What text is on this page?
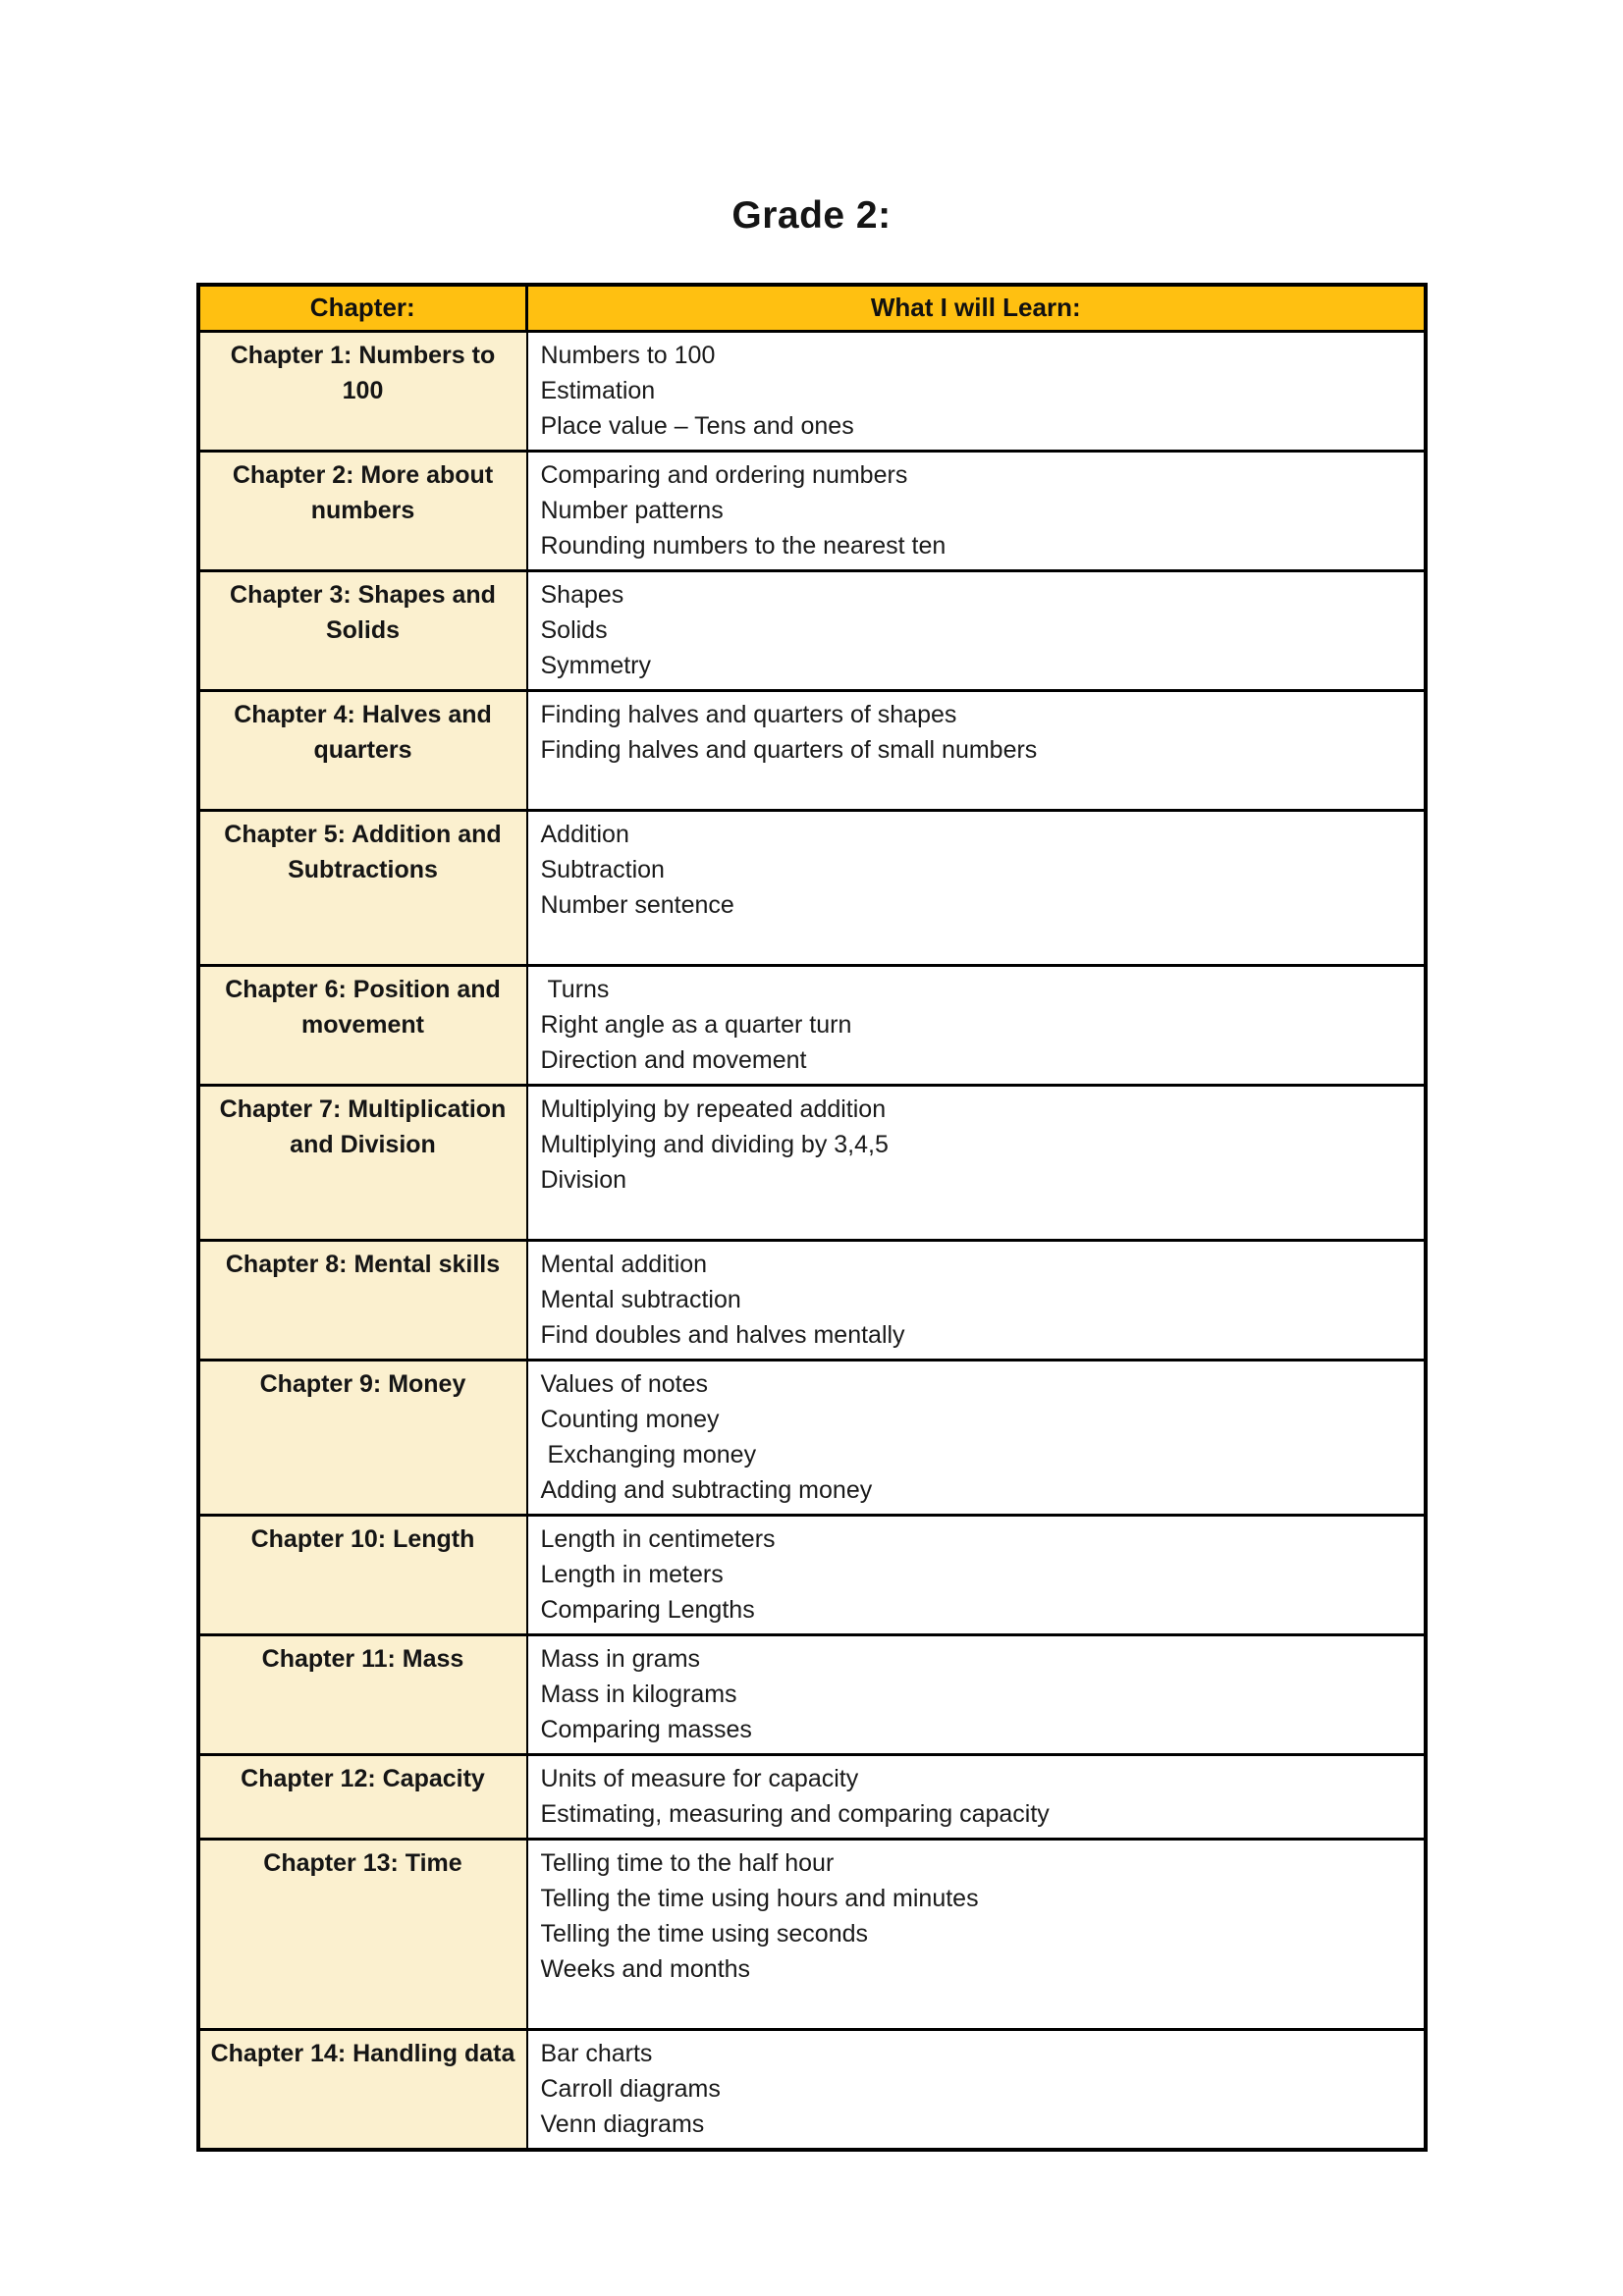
Grade 2:
Chapter:	What I will Learn:

Chapter 1: Numbers to 100	Numbers to 100
Estimation
Place value – Tens and ones

Chapter 2: More about numbers	Comparing and ordering numbers
Number patterns
Rounding numbers to the nearest ten

Chapter 3: Shapes and Solids	Shapes
Solids
Symmetry

Chapter 4: Halves and quarters	Finding halves and quarters of shapes
Finding halves and quarters of small numbers

Chapter 5: Addition and Subtractions	Addition
Subtraction
Number sentence

Chapter 6: Position and movement	Turns
Right angle as a quarter turn
Direction and movement

Chapter 7: Multiplication and Division	Multiplying by repeated addition
Multiplying and dividing by 3,4,5
Division

Chapter 8: Mental skills	Mental addition
Mental subtraction
Find doubles and halves mentally

Chapter 9: Money	Values of notes
Counting money
Exchanging money
Adding and subtracting money

Chapter 10: Length	Length in centimeters
Length in meters
Comparing Lengths

Chapter 11: Mass	Mass in grams
Mass in kilograms
Comparing masses

Chapter 12: Capacity	Units of measure for capacity
Estimating, measuring and comparing capacity

Chapter 13: Time	Telling time to the half hour
Telling the time using hours and minutes
Telling the time using seconds
Weeks and months

Chapter 14: Handling data	Bar charts
Carroll diagrams
Venn diagrams
